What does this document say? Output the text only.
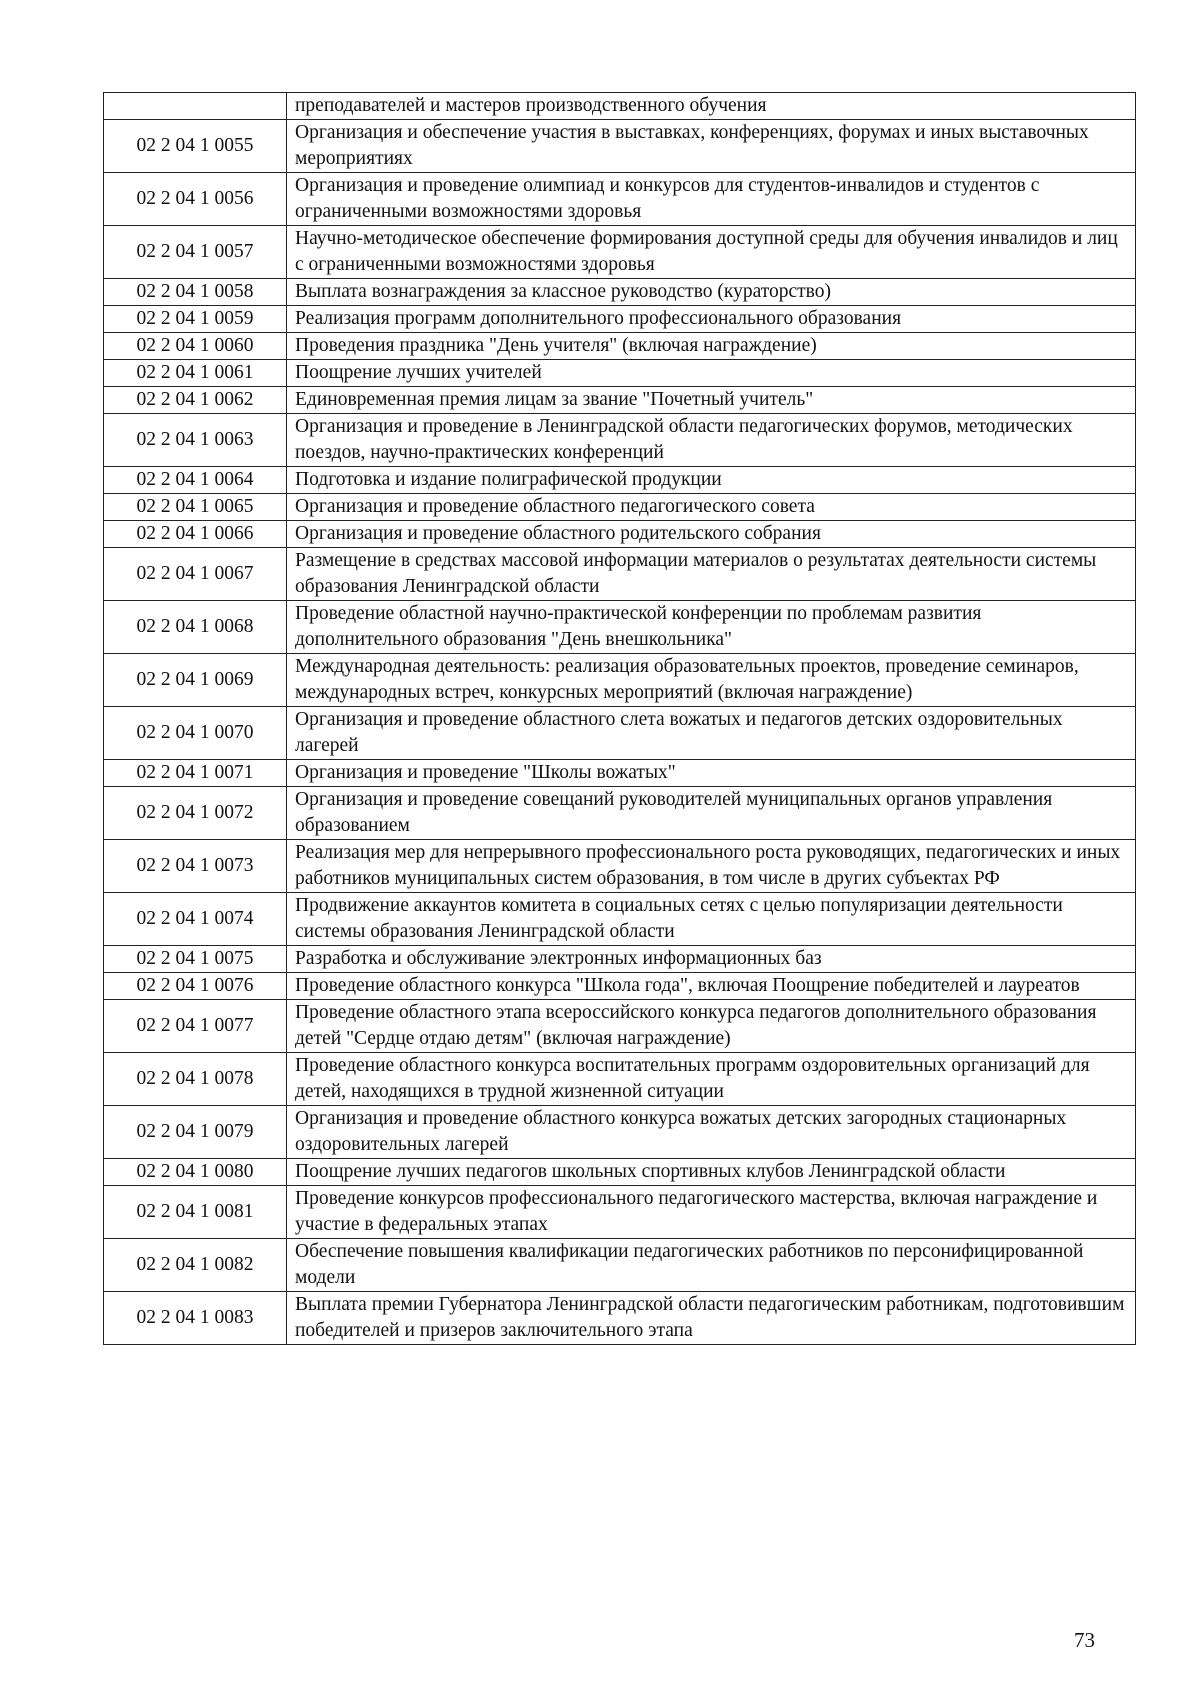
	преподавателей и мастеров производственного обучения
02 2 04 1 0055	Организация и обеспечение участия в выставках, конференциях, форумах и иных выставочных мероприятиях
02 2 04 1 0056	Организация и проведение олимпиад и конкурсов для студентов-инвалидов и студентов с ограниченными возможностями здоровья
02 2 04 1 0057	Научно-методическое обеспечение формирования доступной среды для обучения инвалидов и лиц с ограниченными возможностями здоровья
02 2 04 1 0058	Выплата вознаграждения за классное руководство (кураторство)
02 2 04 1 0059	Реализация программ дополнительного профессионального образования
02 2 04 1 0060	Проведения праздника "День учителя" (включая награждение)
02 2 04 1 0061	Поощрение лучших учителей
02 2 04 1 0062	Единовременная премия лицам за звание "Почетный учитель"
02 2 04 1 0063	Организация и проведение в Ленинградской области педагогических форумов, методических поездов, научно-практических конференций
02 2 04 1 0064	Подготовка и издание полиграфической продукции
02 2 04 1 0065	Организация и проведение областного педагогического совета
02 2 04 1 0066	Организация и проведение областного родительского собрания
02 2 04 1 0067	Размещение в средствах массовой информации материалов о результатах деятельности системы образования Ленинградской области
02 2 04 1 0068	Проведение областной научно-практической конференции по проблемам развития дополнительного образования "День внешкольника"
02 2 04 1 0069	Международная деятельность: реализация образовательных проектов, проведение семинаров, международных встреч, конкурсных мероприятий (включая награждение)
02 2 04 1 0070	Организация и проведение областного слета вожатых и педагогов детских оздоровительных лагерей
02 2 04 1 0071	Организация и проведение "Школы вожатых"
02 2 04 1 0072	Организация и проведение совещаний руководителей муниципальных органов управления образованием
02 2 04 1 0073	Реализация мер для непрерывного профессионального роста руководящих, педагогических и иных работников муниципальных систем образования, в том числе в других субъектах РФ
02 2 04 1 0074	Продвижение аккаунтов комитета в социальных сетях с целью популяризации деятельности системы образования Ленинградской области
02 2 04 1 0075	Разработка и обслуживание электронных информационных баз
02 2 04 1 0076	Проведение областного конкурса "Школа года", включая Поощрение победителей и лауреатов
02 2 04 1 0077	Проведение областного этапа всероссийского конкурса педагогов дополнительного образования детей "Сердце отдаю детям" (включая награждение)
02 2 04 1 0078	Проведение областного конкурса воспитательных программ оздоровительных организаций для детей, находящихся в трудной жизненной ситуации
02 2 04 1 0079	Организация и проведение областного конкурса вожатых детских загородных стационарных оздоровительных лагерей
02 2 04 1 0080	Поощрение лучших педагогов школьных спортивных клубов Ленинградской области
02 2 04 1 0081	Проведение конкурсов профессионального педагогического мастерства, включая награждение и участие в федеральных этапах
02 2 04 1 0082	Обеспечение повышения квалификации педагогических работников по персонифицированной модели
02 2 04 1 0083	Выплата премии Губернатора Ленинградской области педагогическим работникам, подготовившим победителей и призеров заключительного этапа
73
